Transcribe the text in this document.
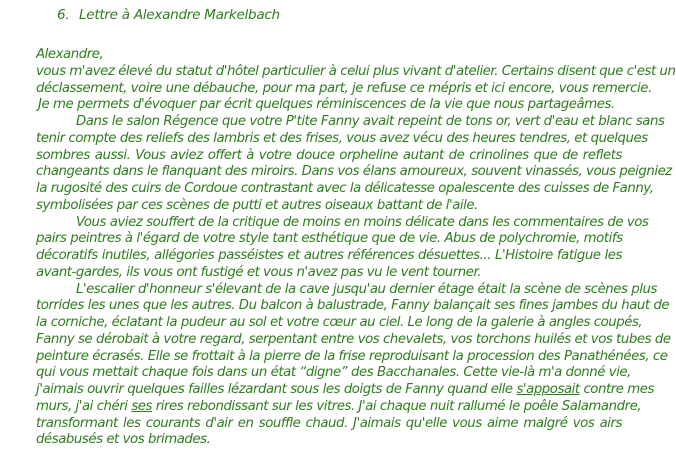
6. Lettre à Alexandre Markelbach
Alexandre,
vous m'avez élevé du statut d'hôtel particulier à celui plus vivant d'atelier. Certains disent que c'est un
déclassement, voire une débauche, pour ma part, je refuse ce mépris et ici encore, vous remercie.
Je me permets d'évoquer par écrit quelques réminiscences de la vie que nous partageâmes.
Dans le salon Régence que votre P'tite Fanny avait repeint de tons or, vert d'eau et blanc sans
tenir compte des reliefs des lambris et des frises, vous avez vécu des heures tendres, et quelques
sombres aussi. Vous aviez offert à votre douce orpheline autant de crinolines que de reflets
changeants dans le flanquant des miroirs. Dans vos élans amoureux, souvent vinassés, vous peigniez
la rugosité des cuirs de Cordoue contrastant avec la délicatesse opalescente des cuisses de Fanny,
symbolisées par ces scènes de putti et autres oiseaux battant de l'aile.
Vous aviez souffert de la critique de moins en moins délicate dans les commentaires de vos
pairs peintres à l'égard de votre style tant esthétique que de vie. Abus de polychromie, motifs
décoratifs inutiles, allégories passéistes et autres références désuettes... L'Histoire fatigue les
avant-gardes, ils vous ont fustigé et vous n'avez pas vu le vent tourner.
L'escalier d'honneur s'élevant de la cave jusqu'au dernier étage était la scène de scènes plus
torrides les unes que les autres. Du balcon à balustrade, Fanny balançait ses fines jambes du haut de
la corniche, éclatant la pudeur au sol et votre cœur au ciel. Le long de la galerie à angles coupés,
Fanny se dérobait à votre regard, serpentant entre vos chevalets, vos torchons huilés et vos tubes de
peinture écrasés. Elle se frottait à la pierre de la frise reproduisant la procession des Panathénées, ce
qui vous mettait chaque fois dans un état “digne” des Bacchanales. Cette vie-là m'a donné vie,
j'aimais ouvrir quelques failles lézardant sous les doigts de Fanny quand elle s'apposait contre mes
murs, j'ai chéri ses rires rebondissant sur les vitres. J'ai chaque nuit rallumé le poêle Salamandre,
transformant les courants d'air en souffle chaud. J'aimais qu'elle vous aime malgré vos airs
désabusés et vos brimades.
